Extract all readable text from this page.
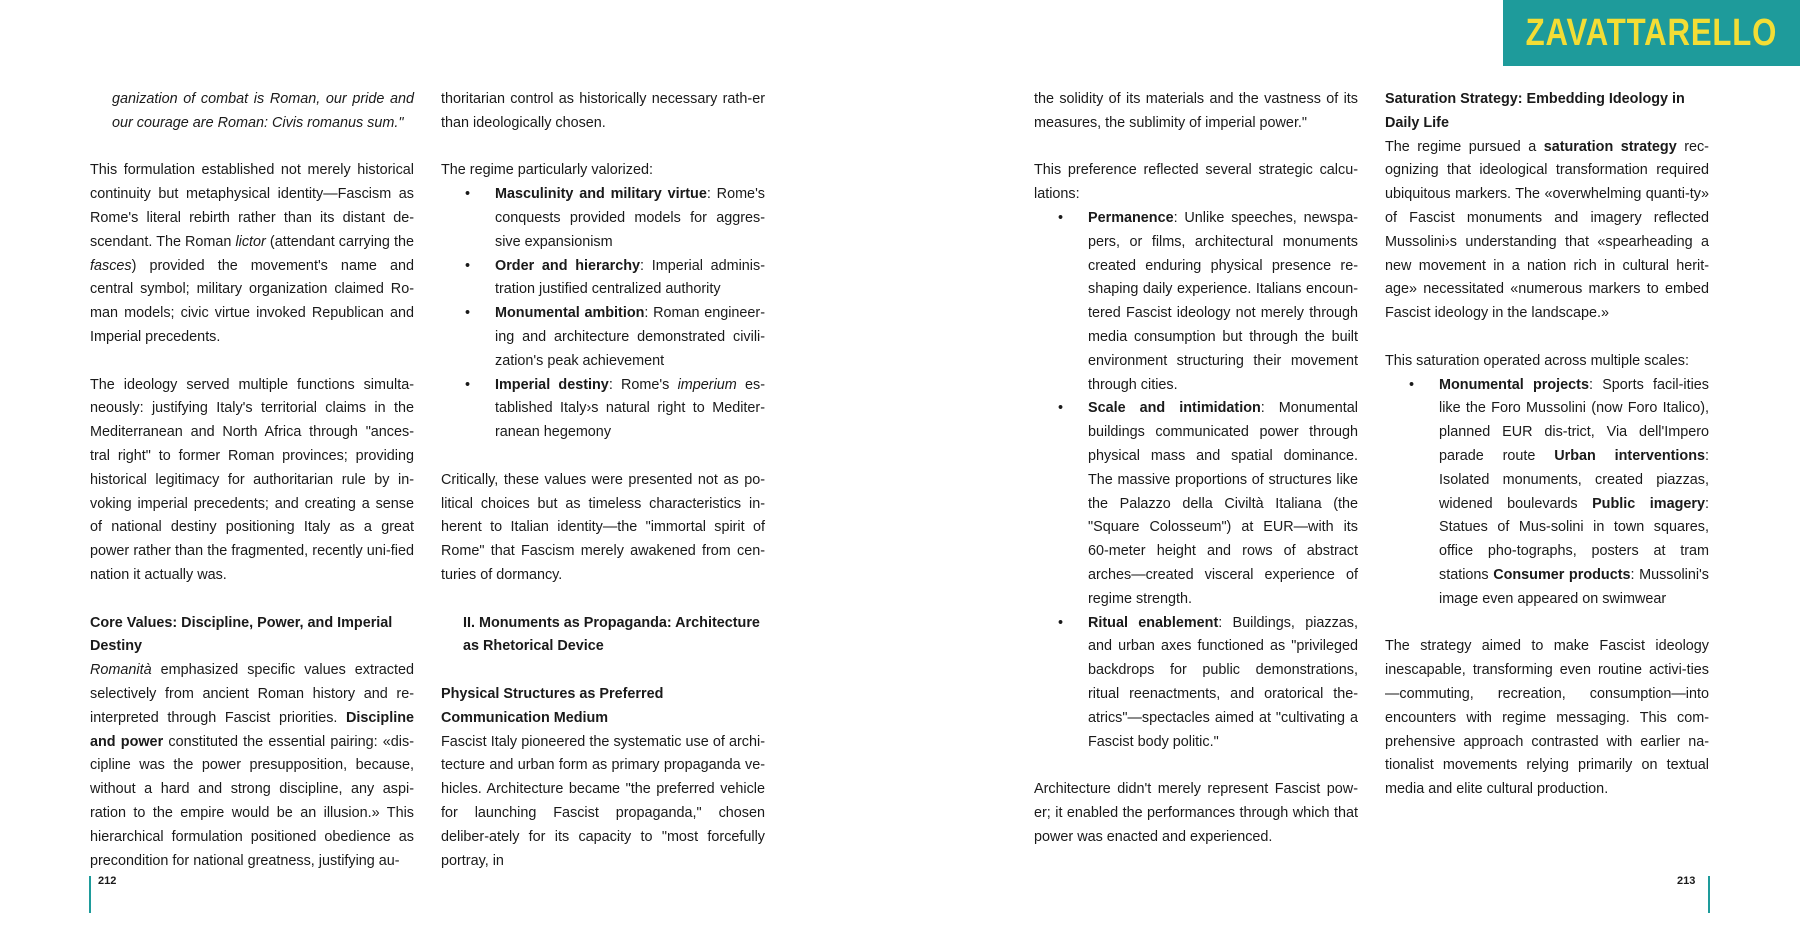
ZAVATTARELLO

ganization of combat is Roman, our pride and our courage are Roman: Civis romanus sum."

This formulation established not merely historical continuity but metaphysical identity—Fascism as Rome's literal rebirth rather than its distant de-scendant. The Roman lictor (attendant carrying the fasces) provided the movement's name and central symbol; military organization claimed Ro-man models; civic virtue invoked Republican and Imperial precedents.

The ideology served multiple functions simulta-neously: justifying Italy's territorial claims in the Mediterranean and North Africa through "ances-tral right" to former Roman provinces; providing historical legitimacy for authoritarian rule by in-voking imperial precedents; and creating a sense of national destiny positioning Italy as a great power rather than the fragmented, recently uni-fied nation it actually was.

Core Values: Discipline, Power, and Imperial Destiny

Romanità emphasized specific values extracted selectively from ancient Roman history and re-interpreted through Fascist priorities. Discipline and power constituted the essential pairing: «dis-cipline was the power presupposition, because, without a hard and strong discipline, any aspi-ration to the empire would be an illusion.» This hierarchical formulation positioned obedience as precondition for national greatness, justifying au-

thoritarian control as historically necessary rath-er than ideologically chosen.

The regime particularly valorized:

• Masculinity and military virtue: Rome's conquests provided models for aggres-sive expansionism
• Order and hierarchy: Imperial adminis-tration justified centralized authority
• Monumental ambition: Roman engineer-ing and architecture demonstrated civili-zation's peak achievement
• Imperial destiny: Rome's imperium es-tablished Italy›s natural right to Mediter-ranean hegemony

Critically, these values were presented not as po-litical choices but as timeless characteristics in-herent to Italian identity—the "immortal spirit of Rome" that Fascism merely awakened from cen-turies of dormancy.

II. Monuments as Propaganda: Architecture as Rhetorical Device

Physical Structures as Preferred Communication Medium

Fascist Italy pioneered the systematic use of archi-tecture and urban form as primary propaganda ve-hicles. Architecture became "the preferred vehicle for launching Fascist propaganda," chosen deliber-ately for its capacity to "most forcefully portray, in

the solidity of its materials and the vastness of its measures, the sublimity of imperial power."

This preference reflected several strategic calcu-lations:

• Permanence: Unlike speeches, newspa-pers, or films, architectural monuments created enduring physical presence re-shaping daily experience. Italians encoun-tered Fascist ideology not merely through media consumption but through the built environment structuring their movement through cities.
• Scale and intimidation: Monumental buildings communicated power through physical mass and spatial dominance. The massive proportions of structures like the Palazzo della Civiltà Italiana (the "Square Colosseum") at EUR—with its 60-meter height and rows of abstract arches—created visceral experience of regime strength.
• Ritual enablement: Buildings, piazzas, and urban axes functioned as "privileged backdrops for public demonstrations, ritual reenactments, and oratorical the-atrics"—spectacles aimed at "cultivating a Fascist body politic."

Architecture didn't merely represent Fascist pow-er; it enabled the performances through which that power was enacted and experienced.

Saturation Strategy: Embedding Ideology in Daily Life

The regime pursued a saturation strategy rec-ognizing that ideological transformation required ubiquitous markers. The «overwhelming quanti-ty» of Fascist monuments and imagery reflected Mussolini›s understanding that «spearheading a new movement in a nation rich in cultural herit-age» necessitated «numerous markers to embed Fascist ideology in the landscape.»

This saturation operated across multiple scales:

• Monumental projects: Sports facil-ities like the Foro Mussolini (now Foro Italico), planned EUR dis-trict, Via dell'Impero parade route Urban interventions: Isolated monuments, created piazzas, widened boulevards Public imagery: Statues of Mus-solini in town squares, office pho-tographs, posters at tram stations Consumer products: Mussolini's image even appeared on swimwear

The strategy aimed to make Fascist ideology inescapable, transforming even routine activi-ties—commuting, recreation, consumption—into encounters with regime messaging. This com-prehensive approach contrasted with earlier na-tionalist movements relying primarily on textual media and elite cultural production.

212	213
